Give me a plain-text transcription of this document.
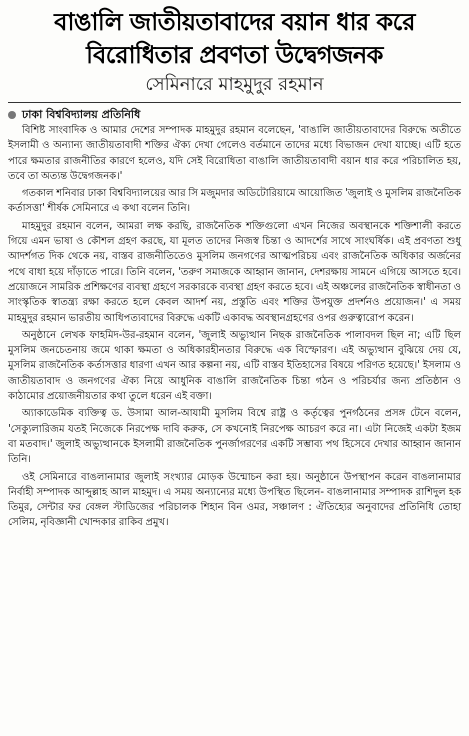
বাঙালি জাতীয়তাবাদের বয়ান ধার করে
বিরোধিতার প্রবণতা উদ্বেগজনক
সেমিনারে মাহমুদুর রহমান
ঢাকা বিশ্ববিদ্যালয় প্রতিনিধি

বিশিষ্ট সাংবাদিক ও আমার দেশের সম্পাদক মাহমুদুর রহমান বলেছেন, 'বাঙালি জাতীয়তাবাদের বিরুদ্ধে অতীতে ইসলামী ও অন্যান্য জাতীয়তাবাদী শক্তির ঐক্য দেখা গেলেও বর্তমানে তাদের মধ্যে বিভাজন দেখা যাচ্ছে। এটি হতে পারে ক্ষমতার রাজনীতির কারণে হলেও, যদি সেই বিরোধিতা বাঙালি জাতীয়তাবাদী বয়ান ধার করে পরিচালিত হয়, তবে তা অত্যন্ত উদ্বেগজনক।'

গতকাল শনিবার ঢাকা বিশ্ববিদ্যালয়ের আর সি মজুমদার অডিটোরিয়ামে আয়োজিত 'জুলাই ও মুসলিম রাজনৈতিক কর্তাসত্তা' শীর্ষক সেমিনারে এ কথা বলেন তিনি।

মাহমুদুর রহমান বলেন, আমরা লক্ষ করছি, রাজনৈতিক শক্তিগুলো এখন নিজের অবস্থানকে শক্তিশালী করতে গিয়ে এমন ভাষা ও কৌশল গ্রহণ করছে, যা মূলত তাদের নিজস্ব চিন্তা ও আদর্শের সাথে সাংঘর্ষিক। এই প্রবণতা শুধু আদর্শগত দিক থেকে নয়, বাস্তব রাজনীতিতেও মুসলিম জনগণের আত্মপরিচয় এবং রাজনৈতিক অধিকার অর্জনের পথে বাধা হয়ে দাঁড়াতে পারে। তিনি বলেন, 'তরুণ সমাজকে আহ্বান জানান, দেশরক্ষায় সামনে এগিয়ে আসতে হবে। প্রয়োজনে সামরিক প্রশিক্ষণের ব্যবস্থা গ্রহণে সরকারকে ব্যবস্থা গ্রহণ করতে হবে। এই অঞ্চলের রাজনৈতিক স্বাধীনতা ও সাংস্কৃতিক স্বাতন্ত্র্য রক্ষা করতে হলে কেবল আদর্শ নয়, প্রস্তুতি এবং শক্তির উপযুক্ত প্রদর্শনও প্রয়োজন।' এ সময় মাহমুদুর রহমান ভারতীয় আধিপত্যবাদের বিরুদ্ধে একটি একাবদ্ধ অবস্থানগ্রহণের ওপর গুরুত্বারোপ করেন।

অনুষ্ঠানে লেখক ফাহমিদ-উর-রহমান বলেন, 'জুলাই অভ্যুত্থান নিছক রাজনৈতিক পালাবদল ছিল না; এটি ছিল মুসলিম জনচেতনায় জমে থাকা ক্ষমতা ও অধিকারহীনতার বিরুদ্ধে এক বিস্ফোরণ। এই অভ্যুত্থান বুঝিয়ে দেয় যে, মুসলিম রাজনৈতিক কর্তাসত্তার ধারণা এখন আর কল্পনা নয়, এটি বাস্তব ইতিহাসের বিষয়ে পরিণত হয়েছে।' ইসলাম ও জাতীয়তাবাদ ও জনগণের ঐক্য নিয়ে আধুনিক বাঙালি রাজনৈতিক চিন্তা গঠন ও পরিচর্যার জন্য প্রতিষ্ঠান ও কাঠামোর প্রয়োজনীয়তার কথা তুলে ধরেন এই বক্তা।

অ্যাকাডেমিক ব্যক্তিত্ব ড. উসামা আল-আযামী মুসলিম বিশ্বে রাষ্ট্র ও কর্তৃত্বের পুনর্গঠনের প্রসঙ্গ টেনে বলেন, 'সেক্যুলারিজম যতই নিজেকে নিরপেক্ষ দাবি করুক, সে কখনোই নিরপেক্ষ আচরণ করে না। এটা নিজেই একটা ইজম বা মতবাদ।' জুলাই অভ্যুত্থানকে ইসলামী রাজনৈতিক পুনর্জাগরণের একটি সম্ভাব্য পথ হিসেবে দেখার আহ্বান জানান তিনি।

ওই সেমিনারে বাঙলানামার জুলাই সংখ্যার মোড়ক উন্মোচন করা হয়। অনুষ্ঠানে উপস্থাপন করেন বাঙলানামার নির্বাহী সম্পাদক আব্দুল্লাহ আল মাহমুদ। এ সময় অন্যান্যের মধ্যে উপস্থিত ছিলেন- বাঙলানামার সম্পাদক রাশিদুল হক তিমুর, সেন্টার ফর বেঙ্গল স্টাডিজের পরিচালক শিহান বিন ওমর, সঞ্চালণ : ঐতিহ্যের অনুবাদের প্রতিনিধি তোহা সেলিম, নৃবিজ্ঞানী খোন্দকার রাকিব প্রমুখ।
